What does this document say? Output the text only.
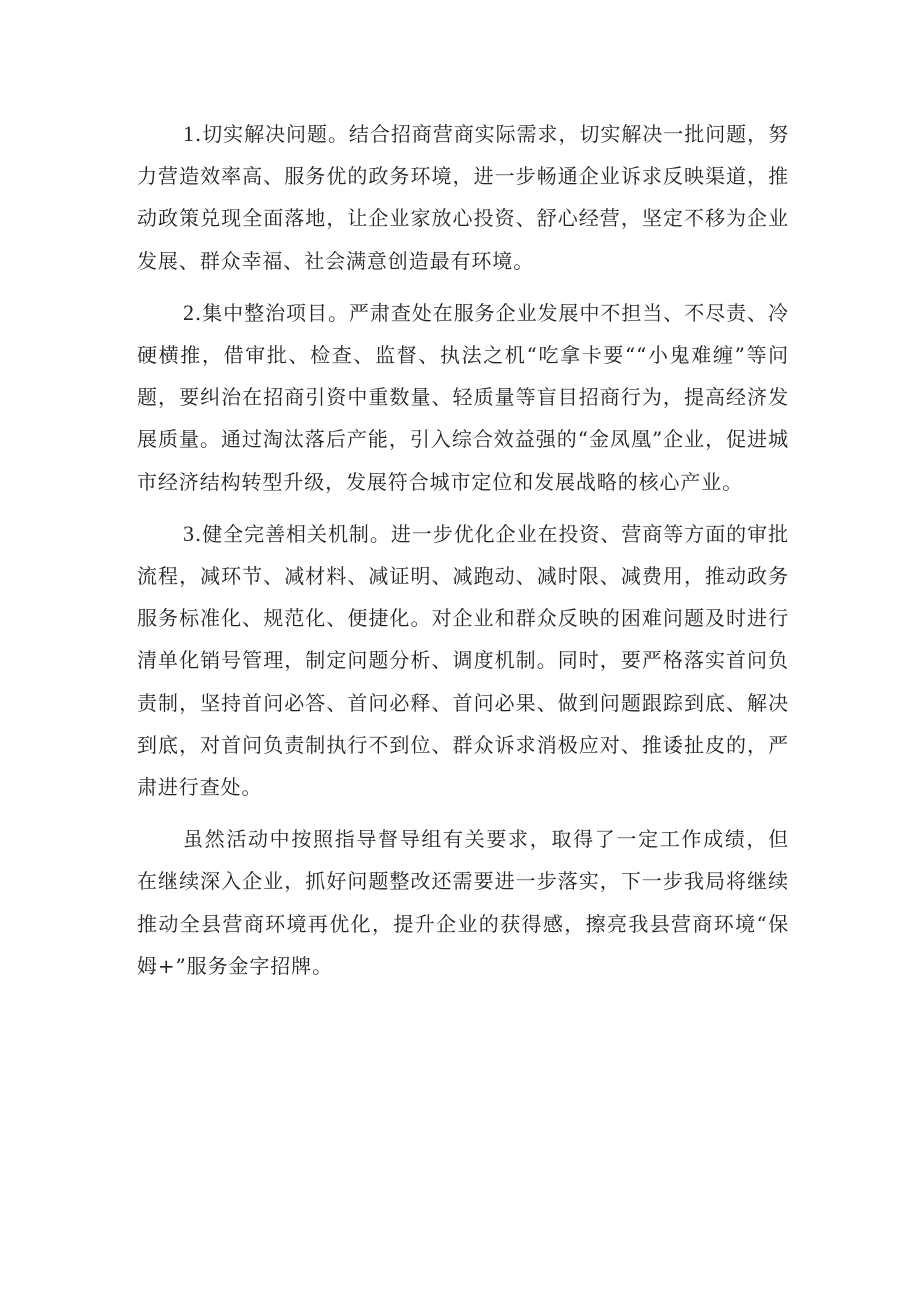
1.切实解决问题。结合招商营商实际需求，切实解决一批问题，努力营造效率高、服务优的政务环境，进一步畅通企业诉求反映渠道，推动政策兑现全面落地，让企业家放心投资、舒心经营，坚定不移为企业发展、群众幸福、社会满意创造最有环境。

2.集中整治项目。严肃查处在服务企业发展中不担当、不尽责、冷硬横推，借审批、检查、监督、执法之机“吃拿卡要““小鬼难缠”等问题，要纠治在招商引资中重数量、轻质量等盲目招商行为，提高经济发展质量。通过淘汰落后产能，引入综合效益强的“金凤凰”企业，促进城市经济结构转型升级，发展符合城市定位和发展战略的核心产业。

3.健全完善相关机制。进一步优化企业在投资、营商等方面的审批流程，减环节、减材料、减证明、减跑动、减时限、减费用，推动政务服务标准化、规范化、便捷化。对企业和群众反映的困难问题及时进行清单化销号管理，制定问题分析、调度机制。同时，要严格落实首问负责制，坚持首问必答、首问必释、首问必果、做到问题跟踪到底、解决到底，对首问负责制执行不到位、群众诉求消极应对、推诿扯皮的，严肃进行查处。

虽然活动中按照指导督导组有关要求，取得了一定工作成绩，但在继续深入企业，抓好问题整改还需要进一步落实，下一步我局将继续推动全县营商环境再优化，提升企业的获得感，擦亮我县营商环境“保姆+”服务金字招牌。
